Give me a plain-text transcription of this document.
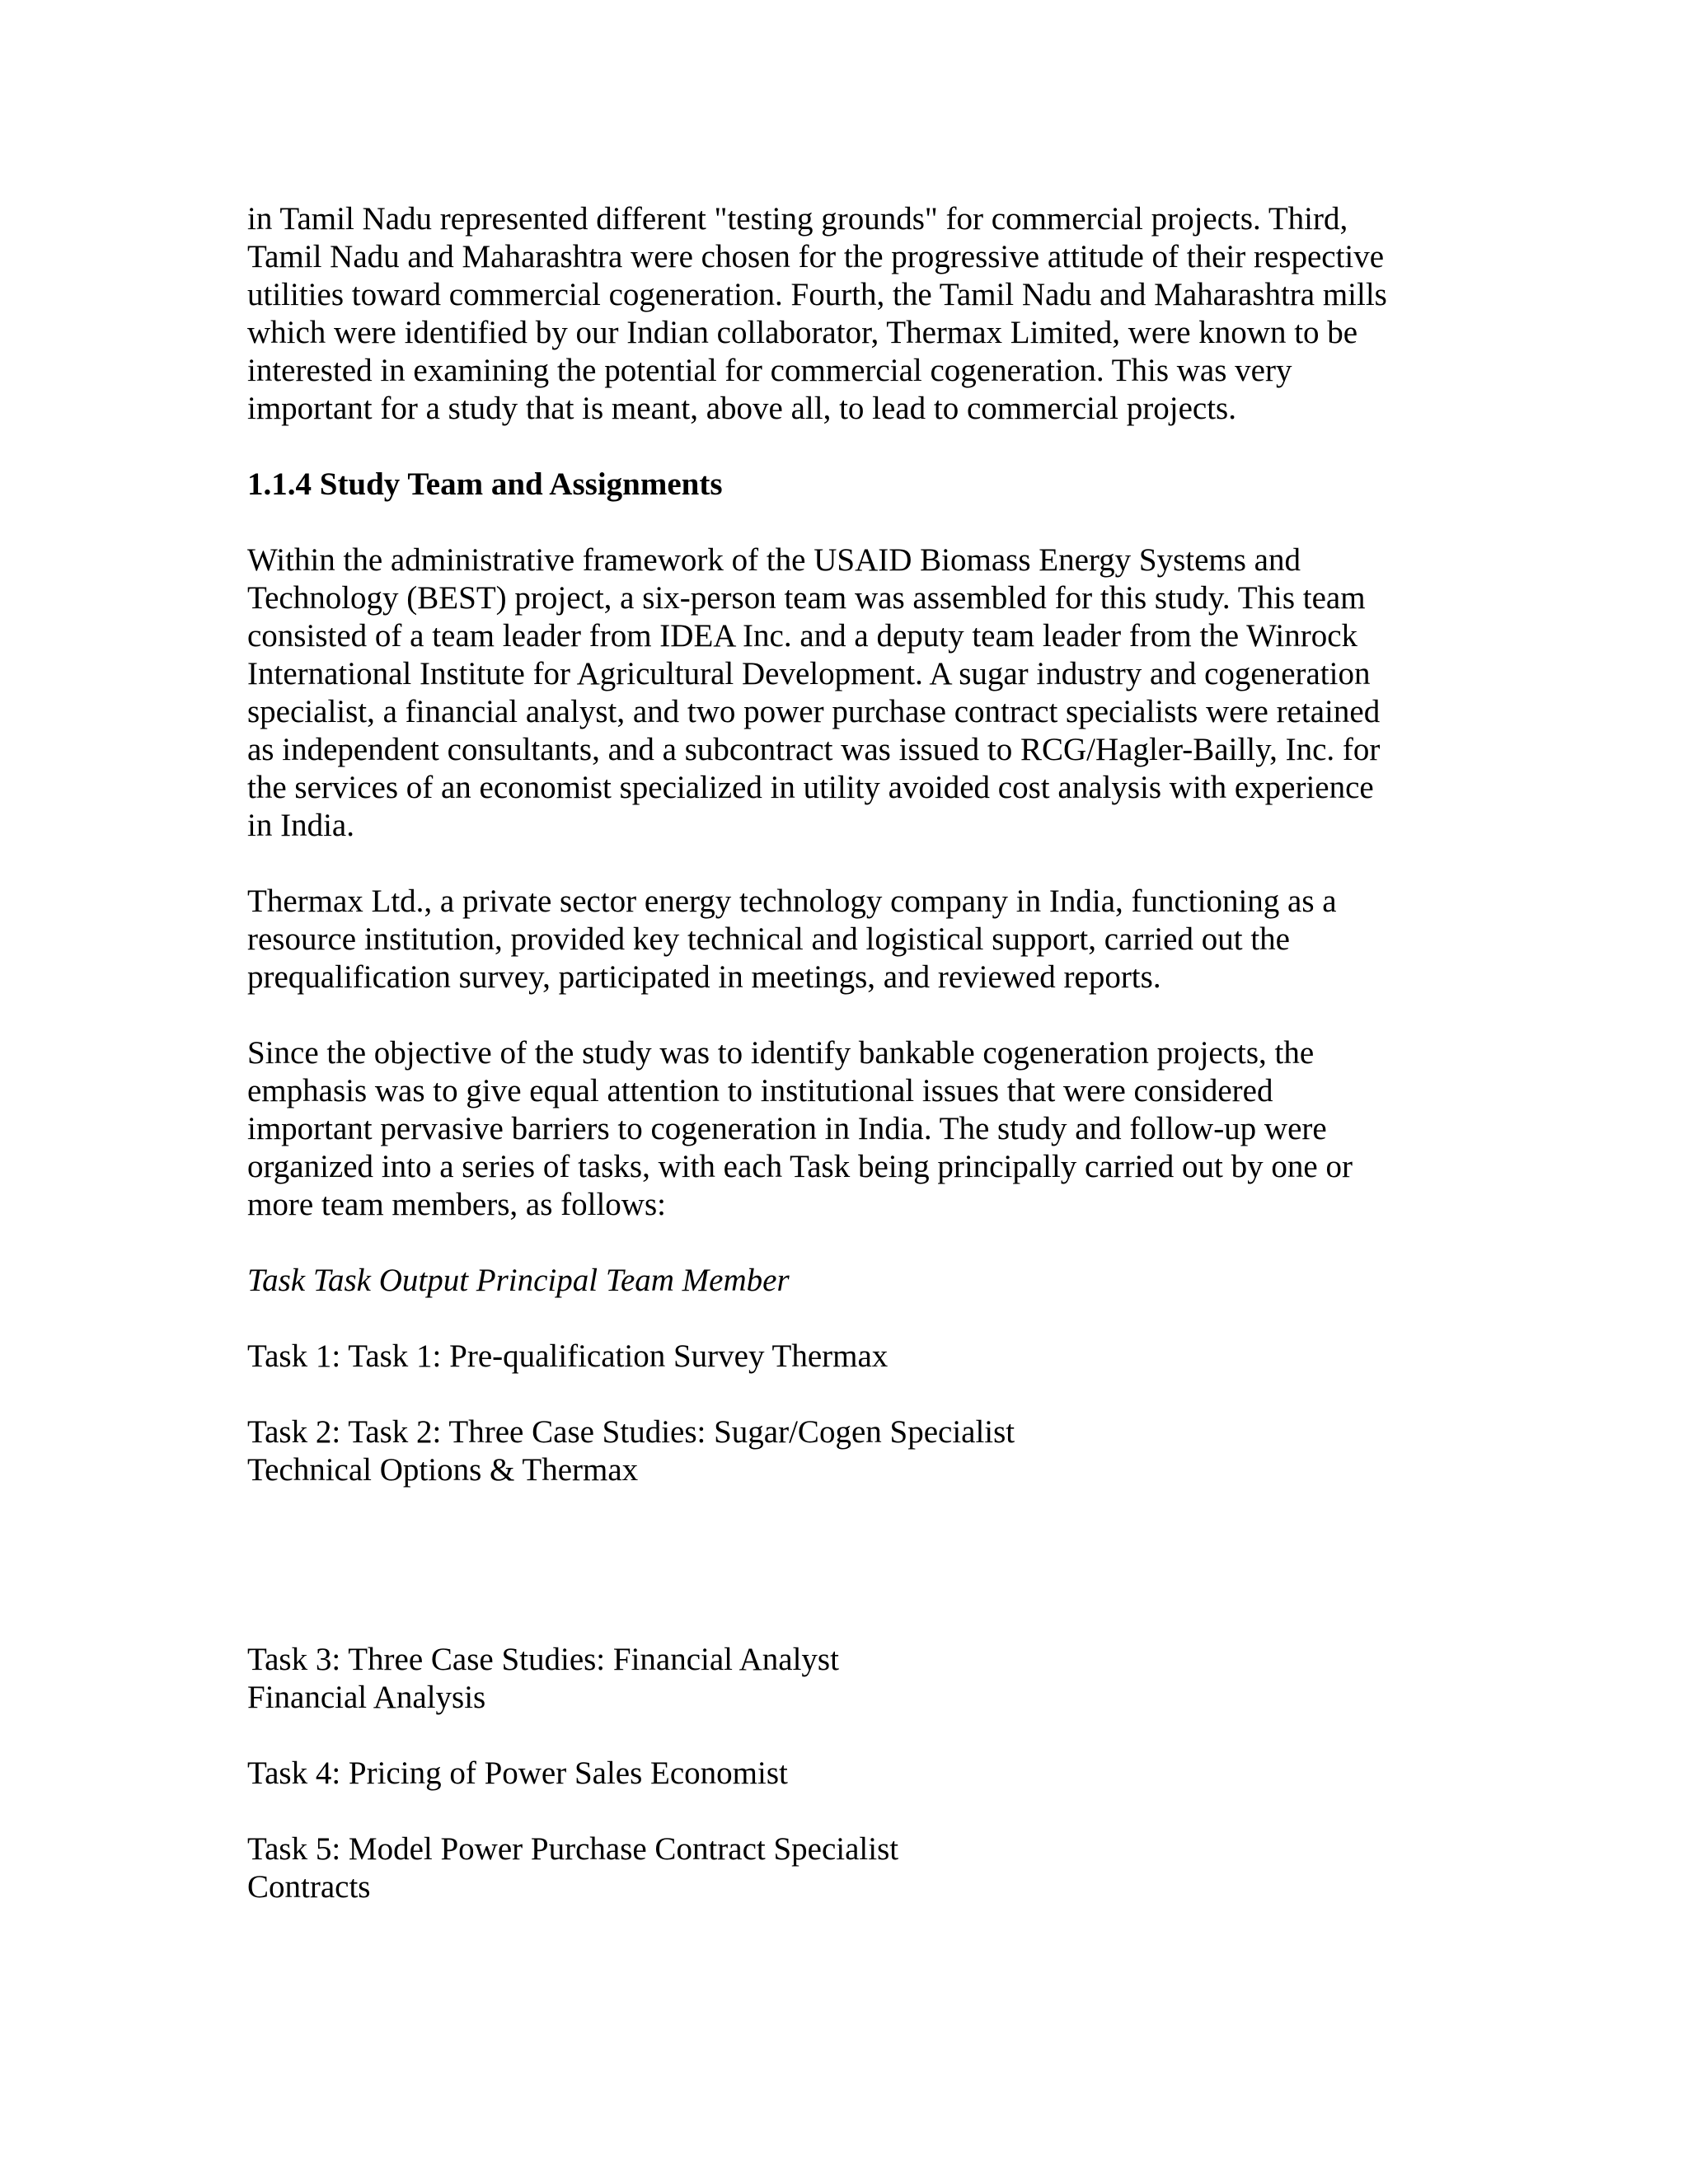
in Tamil Nadu represented different "testing grounds" for commercial projects. Third,
Tamil Nadu and Maharashtra were chosen for the progressive attitude of their respective
utilities toward commercial cogeneration. Fourth, the Tamil Nadu and Maharashtra mills
which were identified by our Indian collaborator, Thermax Limited, were known to be
interested in examining the potential for commercial cogeneration. This was very
important for a study that is meant, above all, to lead to commercial projects.

1.1.4 Study Team and Assignments

Within the administrative framework of the USAID Biomass Energy Systems and
Technology (BEST) project, a six-person team was assembled for this study. This team
consisted of a team leader from IDEA Inc. and a deputy team leader from the Winrock
International Institute for Agricultural Development. A sugar industry and cogeneration
specialist, a financial analyst, and two power purchase contract specialists were retained
as independent consultants, and a subcontract was issued to RCG/Hagler-Bailly, Inc. for
the services of an economist specialized in utility avoided cost analysis with experience
in India.

Thermax Ltd., a private sector energy technology company in India, functioning as a
resource institution, provided key technical and logistical support, carried out the
prequalification survey, participated in meetings, and reviewed reports.

Since the objective of the study was to identify bankable cogeneration projects, the
emphasis was to give equal attention to institutional issues that were considered
important pervasive barriers to cogeneration in India. The study and follow-up were
organized into a series of tasks, with each Task being principally carried out by one or
more team members, as follows:

Task Task Output Principal Team Member

Task 1: Task 1: Pre-qualification Survey Thermax

Task 2: Task 2: Three Case Studies: Sugar/Cogen Specialist
Technical Options & Thermax

Task 3: Three Case Studies: Financial Analyst
Financial Analysis

Task 4: Pricing of Power Sales Economist

Task 5: Model Power Purchase Contract Specialist
Contracts
